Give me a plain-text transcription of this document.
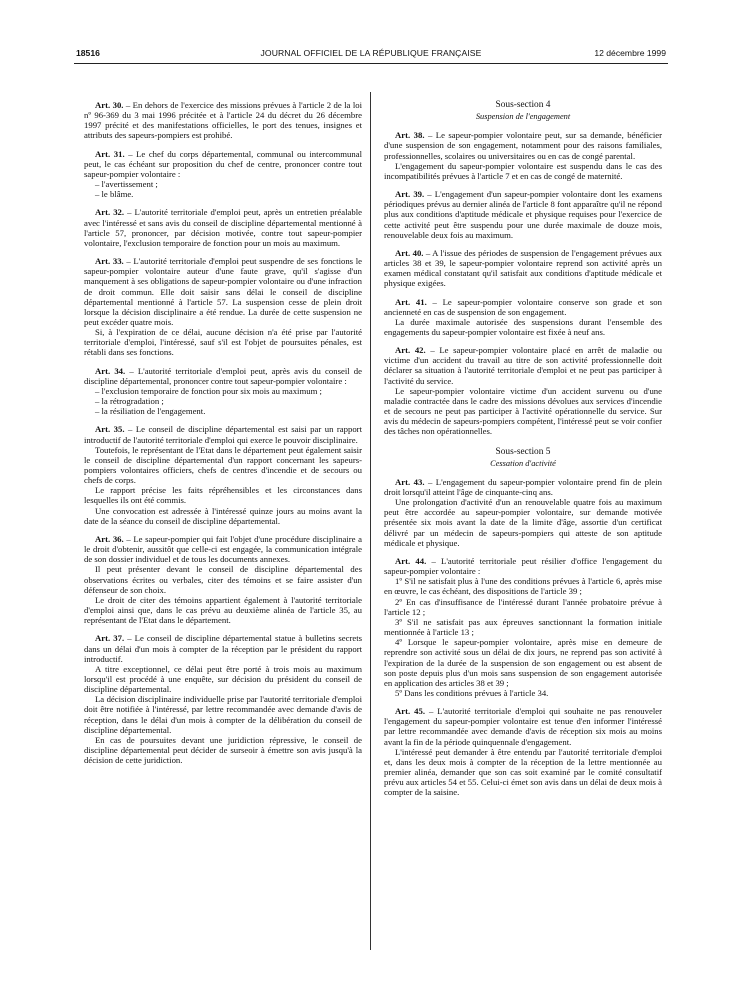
18516	JOURNAL OFFICIEL DE LA RÉPUBLIQUE FRANÇAISE	12 décembre 1999

Art. 30. – En dehors de l'exercice des missions prévues à l'article 2 de la loi nº 96-369 du 3 mai 1996 précitée et à l'article 24 du décret du 26 décembre 1997 précité et des manifestations officielles, le port des tenues, insignes et attributs des sapeurs-pompiers est prohibé.

Art. 31. – Le chef du corps départemental, communal ou intercommunal peut, le cas échéant sur proposition du chef de centre, prononcer contre tout sapeur-pompier volontaire :

– l'avertissement ;

– le blâme.

Art. 32. – L'autorité territoriale d'emploi peut, après un entretien préalable avec l'intéressé et sans avis du conseil de discipline départemental mentionné à l'article 57, prononcer, par décision motivée, contre tout sapeur-pompier volontaire, l'exclusion temporaire de fonction pour un mois au maximum.

Art. 33. – L'autorité territoriale d'emploi peut suspendre de ses fonctions le sapeur-pompier volontaire auteur d'une faute grave, qu'il s'agisse d'un manquement à ses obligations de sapeur-pompier volontaire ou d'une infraction de droit commun. Elle doit saisir sans délai le conseil de discipline départemental mentionné à l'article 57. La suspension cesse de plein droit lorsque la décision disciplinaire a été rendue. La durée de cette suspension ne peut excéder quatre mois.

Si, à l'expiration de ce délai, aucune décision n'a été prise par l'autorité territoriale d'emploi, l'intéressé, sauf s'il est l'objet de poursuites pénales, est rétabli dans ses fonctions.

Art. 34. – L'autorité territoriale d'emploi peut, après avis du conseil de discipline départemental, prononcer contre tout sapeur-pompier volontaire :

– l'exclusion temporaire de fonction pour six mois au maximum ;

– la rétrogradation ;

– la résiliation de l'engagement.

Art. 35. – Le conseil de discipline départemental est saisi par un rapport introductif de l'autorité territoriale d'emploi qui exerce le pouvoir disciplinaire.

Toutefois, le représentant de l'Etat dans le département peut également saisir le conseil de discipline départemental d'un rapport concernant les sapeurs-pompiers volontaires officiers, chefs de centres d'incendie et de secours ou chefs de corps.

Le rapport précise les faits répréhensibles et les circonstances dans lesquelles ils ont été commis.

Une convocation est adressée à l'intéressé quinze jours au moins avant la date de la séance du conseil de discipline départemental.

Art. 36. – Le sapeur-pompier qui fait l'objet d'une procédure disciplinaire a le droit d'obtenir, aussitôt que celle-ci est engagée, la communication intégrale de son dossier individuel et de tous les documents annexes.

Il peut présenter devant le conseil de discipline départemental des observations écrites ou verbales, citer des témoins et se faire assister d'un défenseur de son choix.

Le droit de citer des témoins appartient également à l'autorité territoriale d'emploi ainsi que, dans le cas prévu au deuxième alinéa de l'article 35, au représentant de l'Etat dans le département.

Art. 37. – Le conseil de discipline départemental statue à bulletins secrets dans un délai d'un mois à compter de la réception par le président du rapport introductif.

A titre exceptionnel, ce délai peut être porté à trois mois au maximum lorsqu'il est procédé à une enquête, sur décision du président du conseil de discipline départemental.

La décision disciplinaire individuelle prise par l'autorité territoriale d'emploi doit être notifiée à l'intéressé, par lettre recommandée avec demande d'avis de réception, dans le délai d'un mois à compter de la délibération du conseil de discipline départemental.

En cas de poursuites devant une juridiction répressive, le conseil de discipline départemental peut décider de surseoir à émettre son avis jusqu'à la décision de cette juridiction.

Sous-section 4

Suspension de l'engagement

Art. 38. – Le sapeur-pompier volontaire peut, sur sa demande, bénéficier d'une suspension de son engagement, notamment pour des raisons familiales, professionnelles, scolaires ou universitaires ou en cas de congé parental.

L'engagement du sapeur-pompier volontaire est suspendu dans le cas des incompatibilités prévues à l'article 7 et en cas de congé de maternité.

Art. 39. – L'engagement d'un sapeur-pompier volontaire dont les examens périodiques prévus au dernier alinéa de l'article 8 font apparaître qu'il ne répond plus aux conditions d'aptitude médicale et physique requises pour l'exercice de cette activité peut être suspendu pour une durée maximale de douze mois, renouvelable deux fois au maximum.

Art. 40. – A l'issue des périodes de suspension de l'engagement prévues aux articles 38 et 39, le sapeur-pompier volontaire reprend son activité après un examen médical constatant qu'il satisfait aux conditions d'aptitude médicale et physique exigées.

Art. 41. – Le sapeur-pompier volontaire conserve son grade et son ancienneté en cas de suspension de son engagement.

La durée maximale autorisée des suspensions durant l'ensemble des engagements du sapeur-pompier volontaire est fixée à neuf ans.

Art. 42. – Le sapeur-pompier volontaire placé en arrêt de maladie ou victime d'un accident du travail au titre de son activité professionnelle doit déclarer sa situation à l'autorité territoriale d'emploi et ne peut pas participer à l'activité du service.

Le sapeur-pompier volontaire victime d'un accident survenu ou d'une maladie contractée dans le cadre des missions dévolues aux services d'incendie et de secours ne peut pas participer à l'activité opérationnelle du service. Sur avis du médecin de sapeurs-pompiers compétent, l'intéressé peut se voir confier des tâches non opérationnelles.

Sous-section 5

Cessation d'activité

Art. 43. – L'engagement du sapeur-pompier volontaire prend fin de plein droit lorsqu'il atteint l'âge de cinquante-cinq ans.

Une prolongation d'activité d'un an renouvelable quatre fois au maximum peut être accordée au sapeur-pompier volontaire, sur demande motivée présentée six mois avant la date de la limite d'âge, assortie d'un certificat délivré par un médecin de sapeurs-pompiers qui atteste de son aptitude médicale et physique.

Art. 44. – L'autorité territoriale peut résilier d'office l'engagement du sapeur-pompier volontaire :

1º S'il ne satisfait plus à l'une des conditions prévues à l'article 6, après mise en œuvre, le cas échéant, des dispositions de l'article 39 ;

2º En cas d'insuffisance de l'intéressé durant l'année probatoire prévue à l'article 12 ;

3º S'il ne satisfait pas aux épreuves sanctionnant la formation initiale mentionnée à l'article 13 ;

4º Lorsque le sapeur-pompier volontaire, après mise en demeure de reprendre son activité sous un délai de dix jours, ne reprend pas son activité à l'expiration de la durée de la suspension de son engagement ou est absent de son poste depuis plus d'un mois sans suspension de son engagement autorisée en application des articles 38 et 39 ;

5º Dans les conditions prévues à l'article 34.

Art. 45. – L'autorité territoriale d'emploi qui souhaite ne pas renouveler l'engagement du sapeur-pompier volontaire est tenue d'en informer l'intéressé par lettre recommandée avec demande d'avis de réception six mois au moins avant la fin de la période quinquennale d'engagement.

L'intéressé peut demander à être entendu par l'autorité territoriale d'emploi et, dans les deux mois à compter de la réception de la lettre mentionnée au premier alinéa, demander que son cas soit examiné par le comité consultatif prévu aux articles 54 et 55. Celui-ci émet son avis dans un délai de deux mois à compter de la saisine.
